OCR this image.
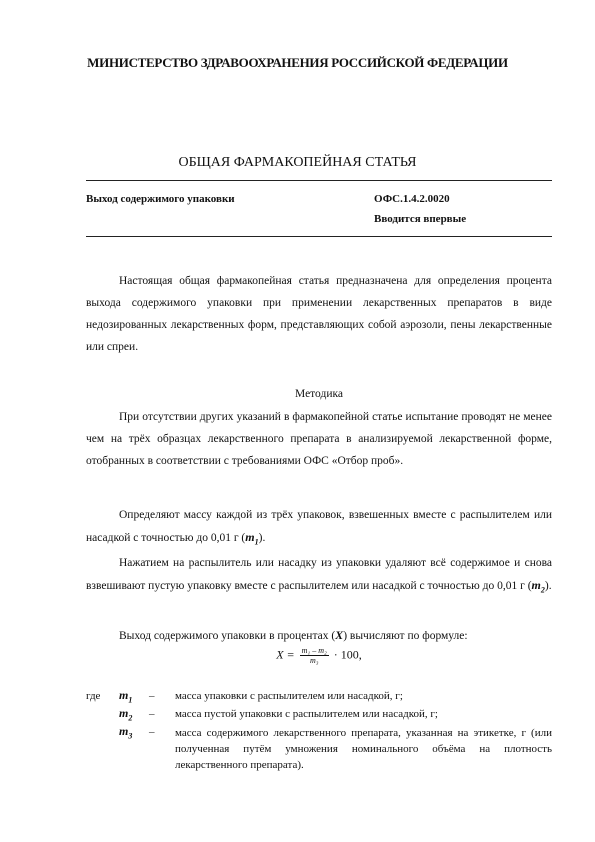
МИНИСТЕРСТВО ЗДРАВООХРАНЕНИЯ РОССИЙСКОЙ ФЕДЕРАЦИИ
ОБЩАЯ ФАРМАКОПЕЙНАЯ СТАТЬЯ
Выход содержимого упаковки	ОФС.1.4.2.0020
Вводится впервые
Настоящая общая фармакопейная статья предназначена для определения процента выхода содержимого упаковки при применении лекарственных препаратов в виде недозированных лекарственных форм, представляющих собой аэрозоли, пены лекарственные или спреи.
Методика
При отсутствии других указаний в фармакопейной статье испытание проводят не менее чем на трёх образцах лекарственного препарата в анализируемой лекарственной форме, отобранных в соответствии с требованиями ОФС «Отбор проб».
Определяют массу каждой из трёх упаковок, взвешенных вместе с распылителем или насадкой с точностью до 0,01 г $(m_1)$.
Нажатием на распылитель или насадку из упаковки удаляют всё содержимое и снова взвешивают пустую упаковку вместе с распылителем или насадкой с точностью до 0,01 г $(m_2)$.
Выход содержимого упаковки в процентах (X) вычисляют по формуле:
$X = \frac{\text{m₁ – m₂}}{\text{m₃}} \cdot 100$,
где $m_1$ – масса упаковки с распылителем или насадкой, г;
$m_2$ – масса пустой упаковки с распылителем или насадкой, г;
$m_3$ – масса содержимого лекарственного препарата, указанная на этикетке, г (или полученная путём умножения номинального объёма на плотность лекарственного препарата).
